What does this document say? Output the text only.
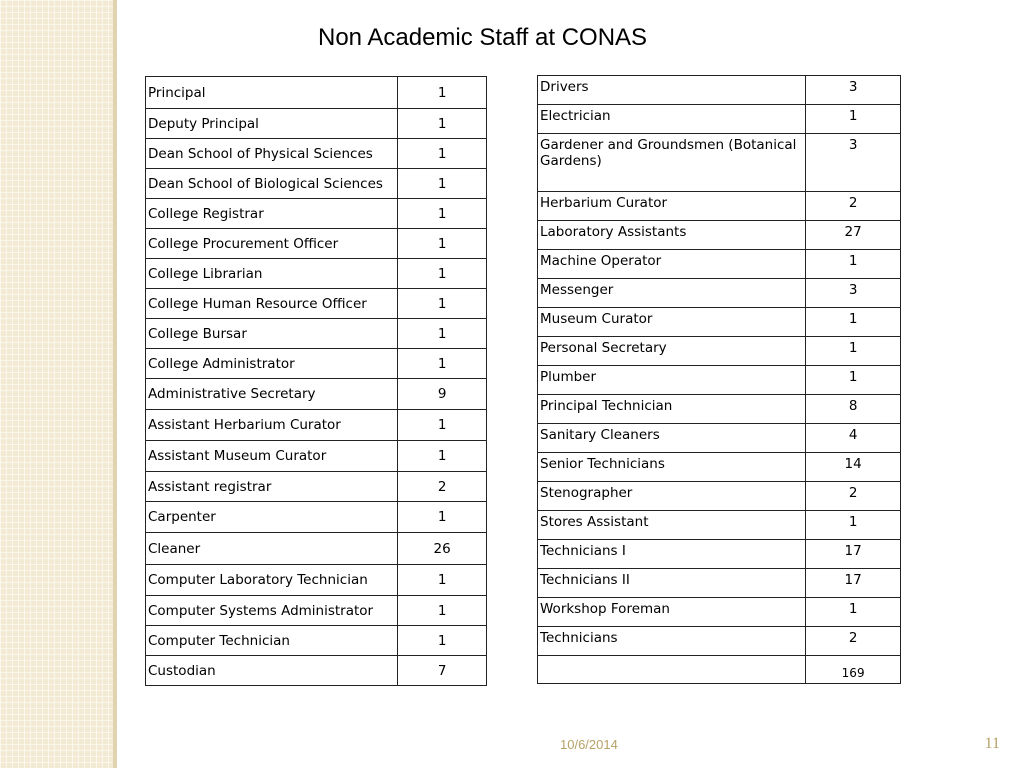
Non Academic Staff at CONAS
Principal	1
Deputy Principal	1
Dean School of Physical Sciences	1
Dean School of Biological Sciences	1
College Registrar	1
College Procurement Officer	1
College Librarian	1
College Human Resource Officer	1
College Bursar	1
College Administrator	1
Administrative Secretary	9
Assistant Herbarium Curator	1
Assistant Museum Curator	1
Assistant registrar	2
Carpenter	1
Cleaner	26
Computer Laboratory Technician	1
Computer Systems Administrator	1
Computer Technician	1
Custodian	7
Drivers	3
Electrician	1
Gardener and Groundsmen (Botanical Gardens)	3
Herbarium Curator	2
Laboratory Assistants	27
Machine Operator	1
Messenger	3
Museum Curator	1
Personal Secretary	1
Plumber	1
Principal Technician	8
Sanitary Cleaners	4
Senior Technicians	14
Stenographer	2
Stores Assistant	1
Technicians I	17
Technicians II	17
Workshop Foreman	1
Technicians	2
	169
10/6/2014	11
